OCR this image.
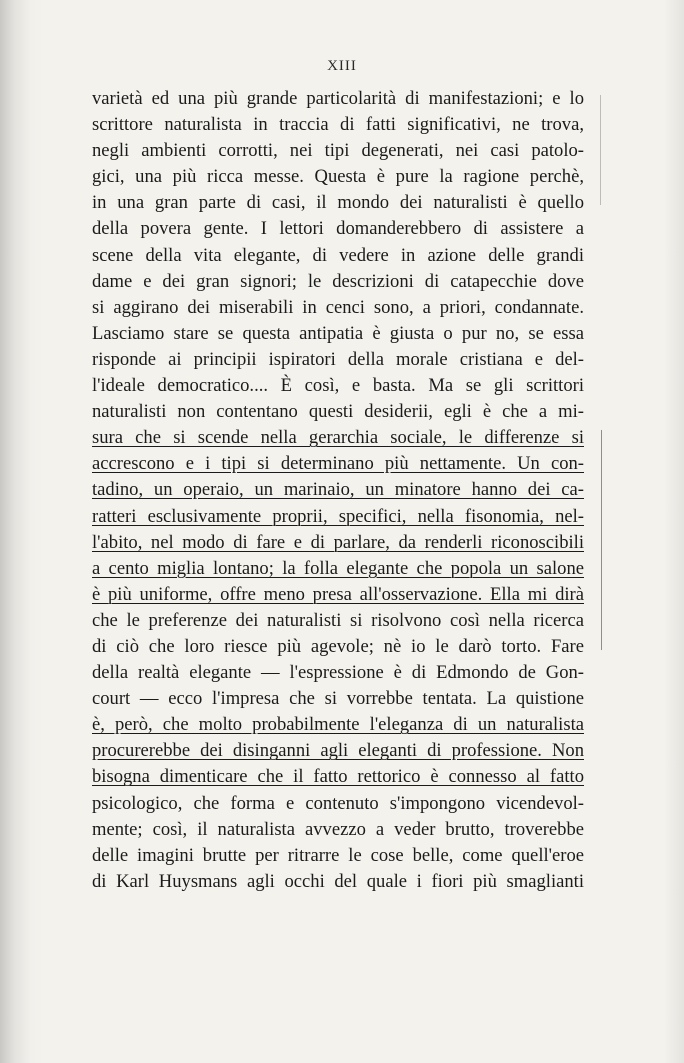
XIII
varietà ed una più grande particolarità di manifestazioni; e lo
scrittore naturalista in traccia di fatti significativi, ne trova,
negli ambienti corrotti, nei tipi degenerati, nei casi patolo-
gici, una più ricca messe. Questa è pure la ragione perchè,
in una gran parte di casi, il mondo dei naturalisti è quello
della povera gente. I lettori domanderebbero di assistere a
scene della vita elegante, di vedere in azione delle grandi
dame e dei gran signori; le descrizioni di catapecchie dove
si aggirano dei miserabili in cenci sono, a priori, condannate.
Lasciamo stare se questa antipatia è giusta o pur no, se essa
risponde ai principii ispiratori della morale cristiana e del-
l'ideale democratico.... È così, e basta. Ma se gli scrittori
naturalisti non contentano questi desiderii, egli è che a mi-
sura che si scende nella gerarchia sociale, le differenze si
accrescono e i tipi si determinano più nettamente. Un con-
tadino, un operaio, un marinaio, un minatore hanno dei ca-
ratteri esclusivamente proprii, specifici, nella fisonomia, nel-
l'abito, nel modo di fare e di parlare, da renderli riconoscibili
a cento miglia lontano; la folla elegante che popola un salone
è più uniforme, offre meno presa all'osservazione. Ella mi dirà
che le preferenze dei naturalisti si risolvono così nella ricerca
di ciò che loro riesce più agevole; nè io le darò torto. Fare
della realtà elegante — l'espressione è di Edmondo de Gon-
court — ecco l'impresa che si vorrebbe tentata. La quistione
è, però, che molto probabilmente l'eleganza di un naturalista
procurerebbe dei disinganni agli eleganti di professione. Non
bisogna dimenticare che il fatto rettorico è connesso al fatto
psicologico, che forma e contenuto s'impongono vicendevol-
mente; così, il naturalista avvezzo a veder brutto, troverebbe
delle imagini brutte per ritrarre le cose belle, come quell'eroe
di Karl Huysmans agli occhi del quale i fiori più smaglianti
